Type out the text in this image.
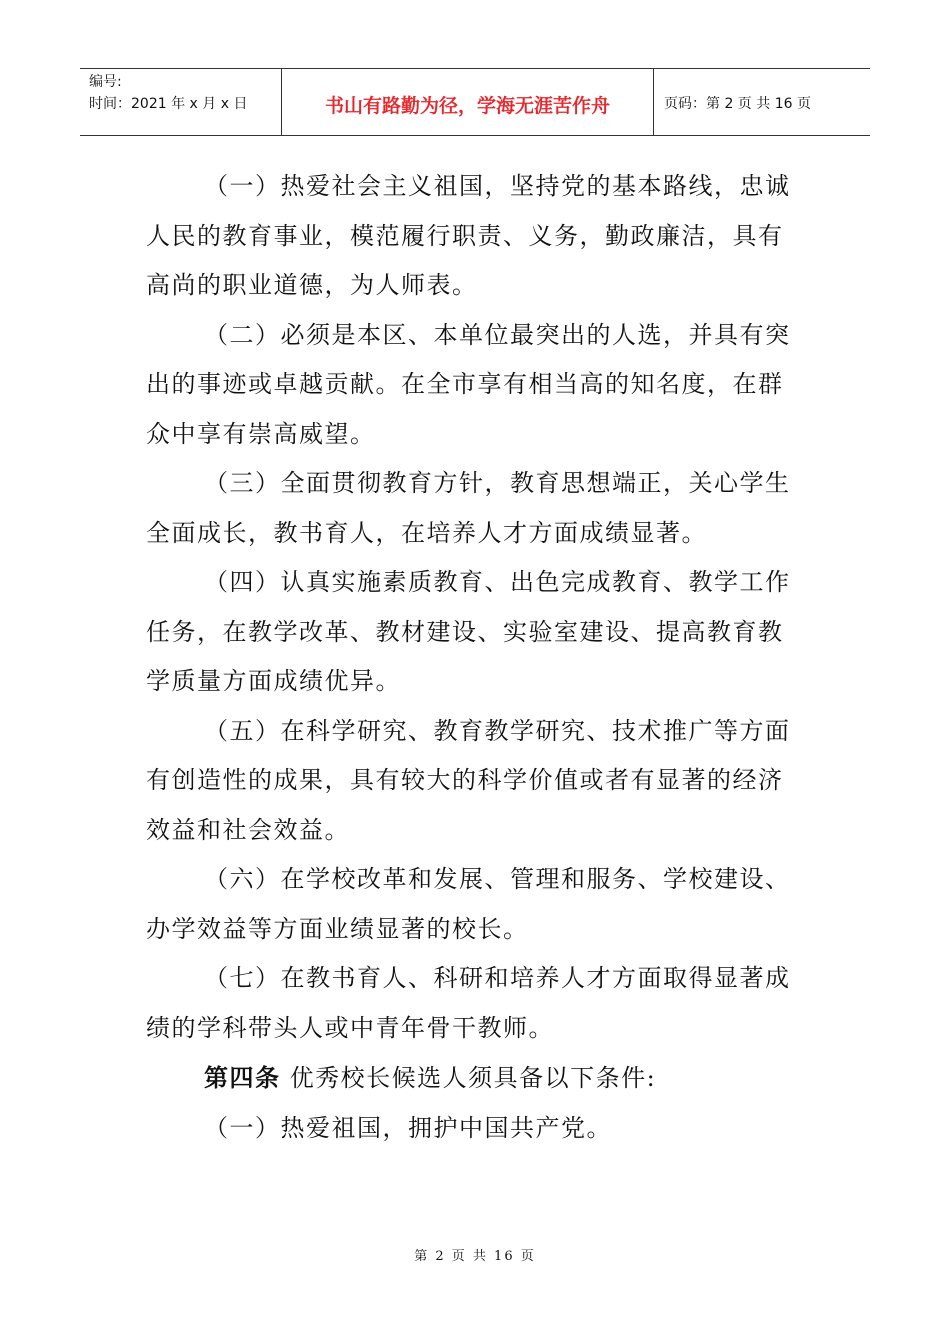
编号:
时间：2021 年 x 月 x 日	书山有路勤为径，学海无涯苦作舟	页码：第 2 页 共 16 页
（一）热爱社会主义祖国，坚持党的基本路线，忠诚
人民的教育事业，模范履行职责、义务，勤政廉洁，具有
高尚的职业道德，为人师表。
（二）必须是本区、本单位最突出的人选，并具有突
出的事迹或卓越贡献。在全市享有相当高的知名度，在群
众中享有崇高威望。
（三）全面贯彻教育方针，教育思想端正，关心学生
全面成长，教书育人，在培养人才方面成绩显著。
（四）认真实施素质教育、出色完成教育、教学工作
任务，在教学改革、教材建设、实验室建设、提高教育教
学质量方面成绩优异。
（五）在科学研究、教育教学研究、技术推广等方面
有创造性的成果，具有较大的科学价值或者有显著的经济
效益和社会效益。
（六）在学校改革和发展、管理和服务、学校建设、
办学效益等方面业绩显著的校长。
（七）在教书育人、科研和培养人才方面取得显著成
绩的学科带头人或中青年骨干教师。
第四条 优秀校长候选人须具备以下条件:
（一）热爱祖国，拥护中国共产党。
第 2 页 共 16 页
